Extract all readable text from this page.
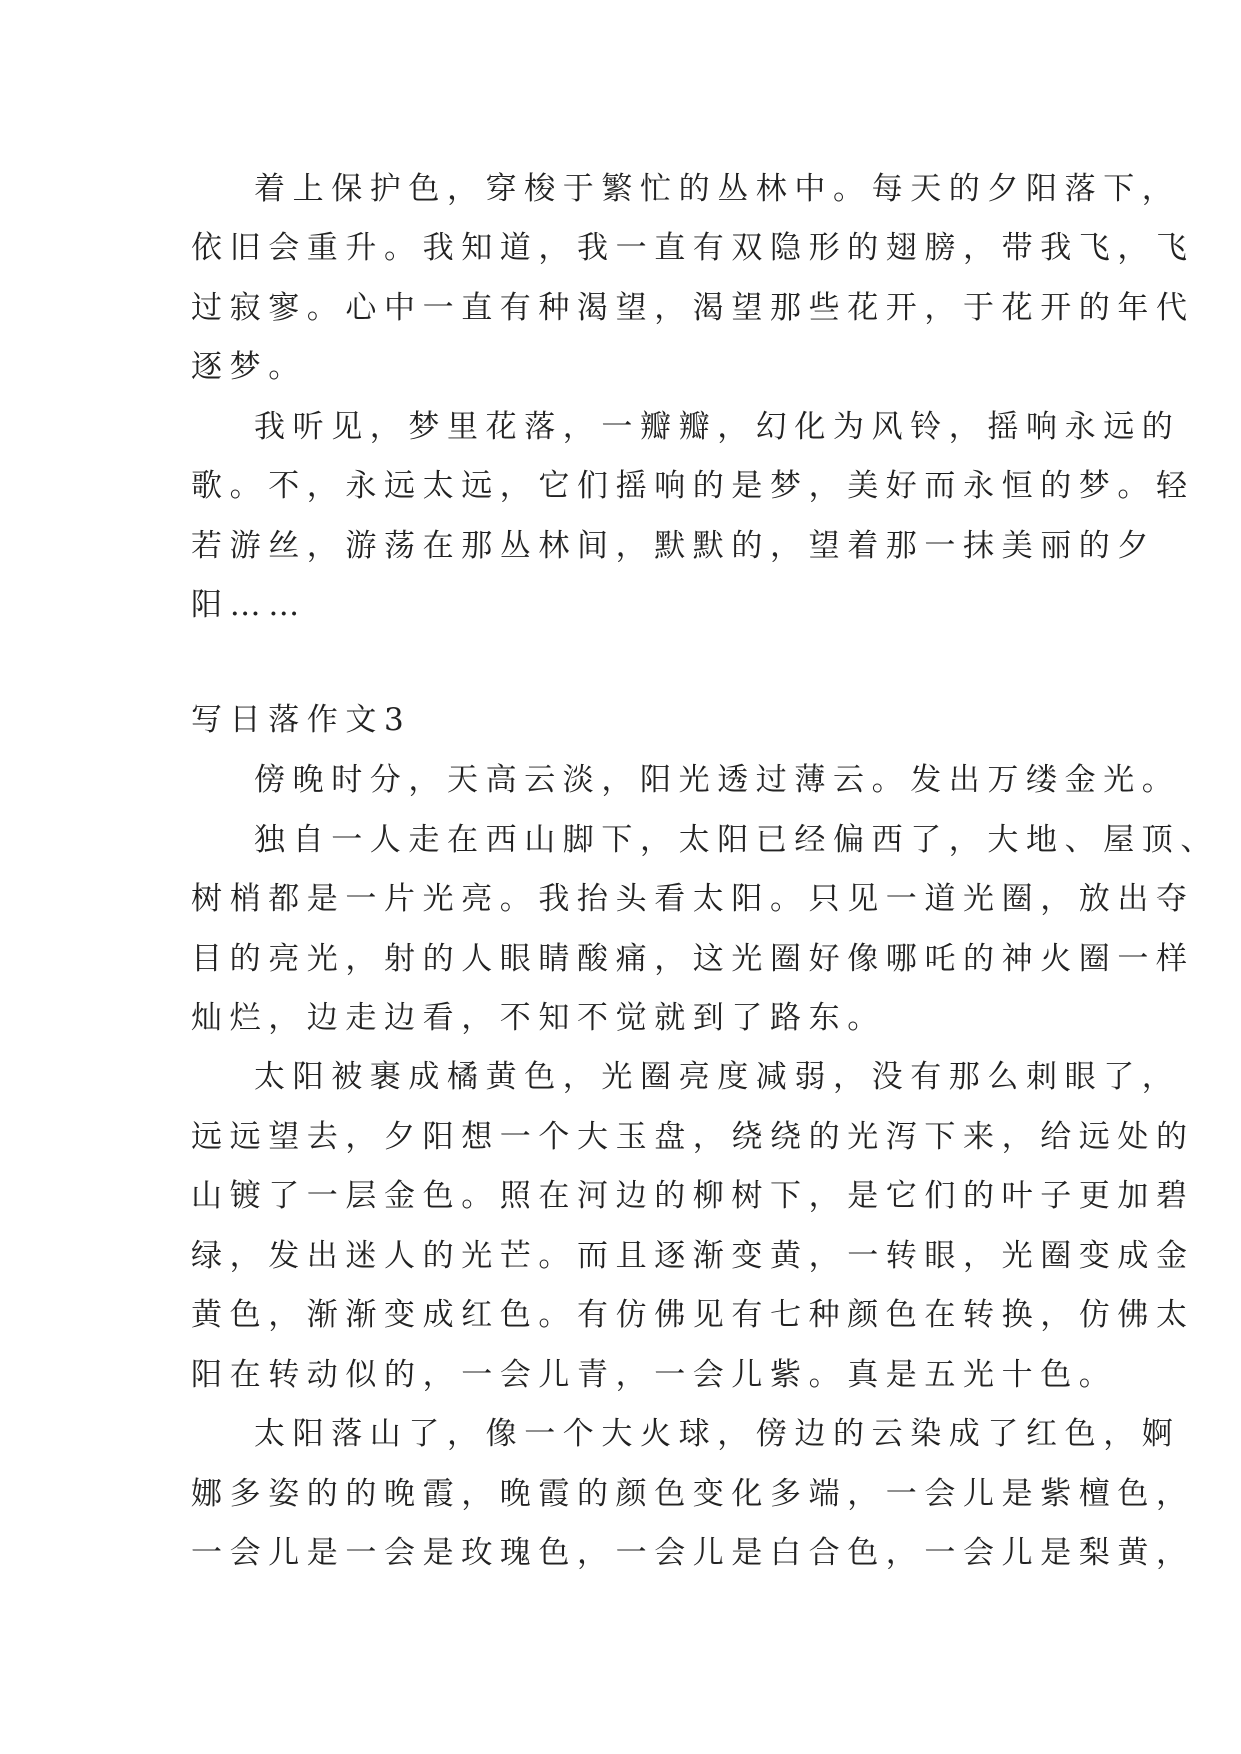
着上保护色，穿梭于繁忙的丛林中。每天的夕阳落下，
依旧会重升。我知道，我一直有双隐形的翅膀，带我飞，飞
过寂寥。心中一直有种渴望，渴望那些花开，于花开的年代
逐梦。
我听见，梦里花落，一瓣瓣，幻化为风铃，摇响永远的
歌。不，永远太远，它们摇响的是梦，美好而永恒的梦。轻
若游丝，游荡在那丛林间，默默的，望着那一抹美丽的夕
阳……
写日落作文3
傍晚时分，天高云淡，阳光透过薄云。发出万缕金光。
独自一人走在西山脚下，太阳已经偏西了，大地、屋顶、
树梢都是一片光亮。我抬头看太阳。只见一道光圈，放出夺
目的亮光，射的人眼睛酸痛，这光圈好像哪吒的神火圈一样
灿烂，边走边看，不知不觉就到了路东。
太阳被裹成橘黄色，光圈亮度减弱，没有那么刺眼了，
远远望去，夕阳想一个大玉盘，绕绕的光泻下来，给远处的
山镀了一层金色。照在河边的柳树下，是它们的叶子更加碧
绿，发出迷人的光芒。而且逐渐变黄，一转眼，光圈变成金
黄色，渐渐变成红色。有仿佛见有七种颜色在转换，仿佛太
阳在转动似的，一会儿青，一会儿紫。真是五光十色。
太阳落山了，像一个大火球，傍边的云染成了红色，婀
娜多姿的的晚霞，晚霞的颜色变化多端，一会儿是紫檀色，
一会儿是一会是玫瑰色，一会儿是白合色，一会儿是梨黄，
